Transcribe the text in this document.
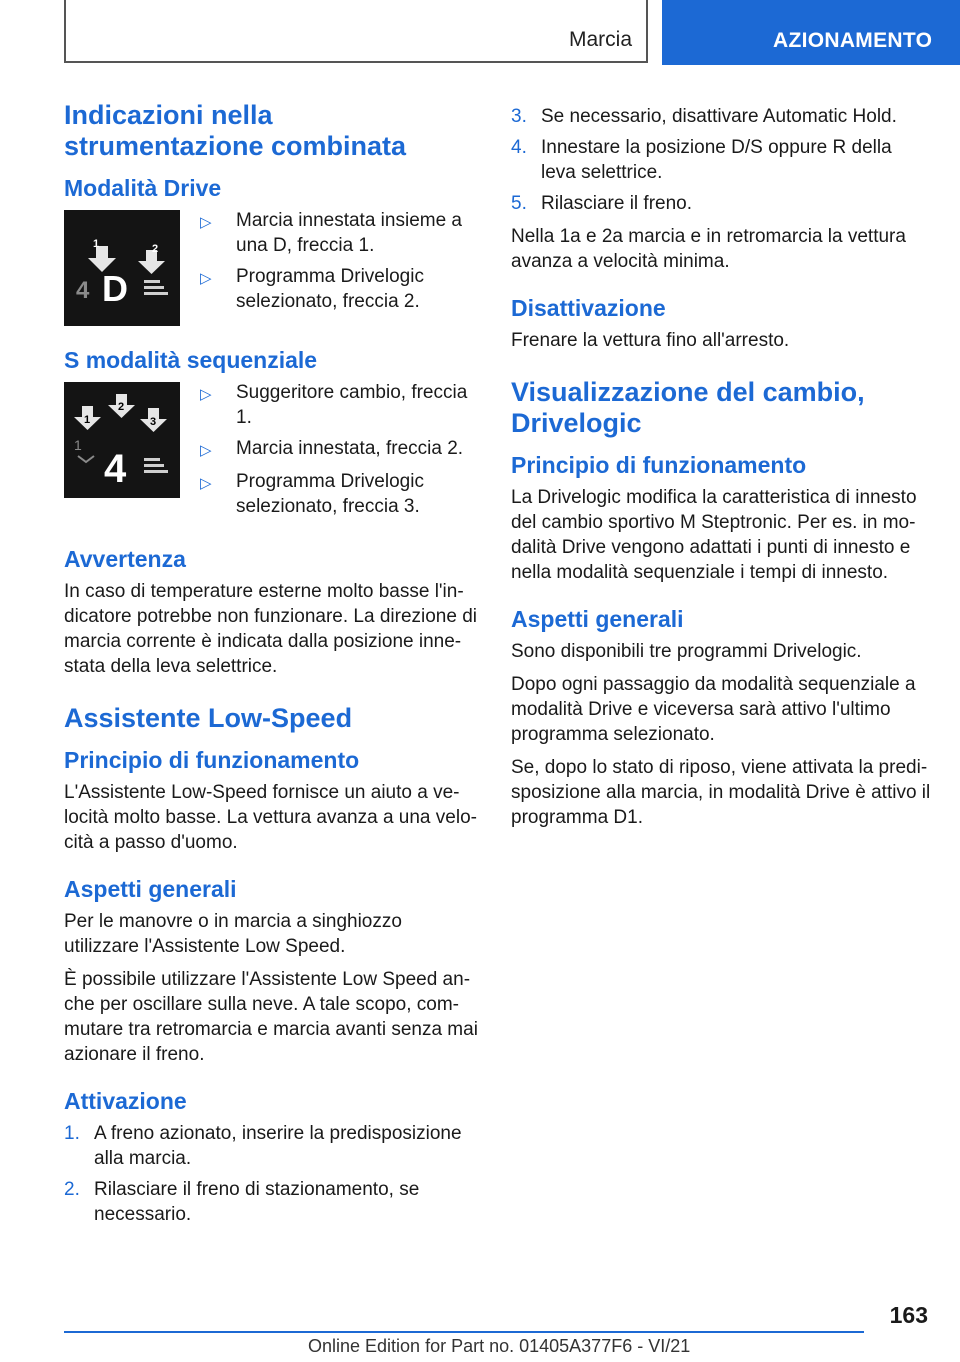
Marcia	AZIONAMENTO
Indicazioni nella strumentazione combinata
Modalità Drive
1	2
4 D
▷	Marcia innestata insieme a una D, freccia 1.
▷	Programma Drivelogic selezionato, freccia 2.
S modalità sequenziale
1
2
3
1
4
▷	Suggeritore cambio, freccia 1.
▷	Marcia innestata, freccia 2.
▷	Programma Drivelogic selezionato, freccia 3.
Avvertenza

In caso di temperature esterne molto basse l'indicatore potrebbe non funzionare. La direzione di marcia corrente è indicata dalla posizione innestata della leva selettrice.

Assistente Low-Speed
Principio di funzionamento

L'Assistente Low-Speed fornisce un aiuto a velocità molto basse. La vettura avanza a una velocità a passo d'uomo.

Aspetti generali

Per le manovre o in marcia a singhiozzo utilizzare l'Assistente Low Speed.

È possibile utilizzare l'Assistente Low Speed anche per oscillare sulla neve. A tale scopo, commutare tra retromarcia e marcia avanti senza mai azionare il freno.

Attivazione
1. A freno azionato, inserire la predisposizione alla marcia.
2. Rilasciare il freno di stazionamento, se necessario.
3. Se necessario, disattivare Automatic Hold.
4. Innestare la posizione D/S oppure R della leva selettrice.
5. Rilasciare il freno.

Nella 1a e 2a marcia e in retromarcia la vettura avanza a velocità minima.

Disattivazione

Frenare la vettura fino all'arresto.

Visualizzazione del cambio, Drivelogic
Principio di funzionamento

La Drivelogic modifica la caratteristica di innesto del cambio sportivo M Steptronic. Per es. in modalità Drive vengono adattati i punti di innesto e nella modalità sequenziale i tempi di innesto.

Aspetti generali

Sono disponibili tre programmi Drivelogic.

Dopo ogni passaggio da modalità sequenziale a modalità Drive e viceversa sarà attivo l'ultimo programma selezionato.

Se, dopo lo stato di riposo, viene attivata la predisposizione alla marcia, in modalità Drive è attivo il programma D1.

163
Online Edition for Part no. 01405A377F6 - VI/21
